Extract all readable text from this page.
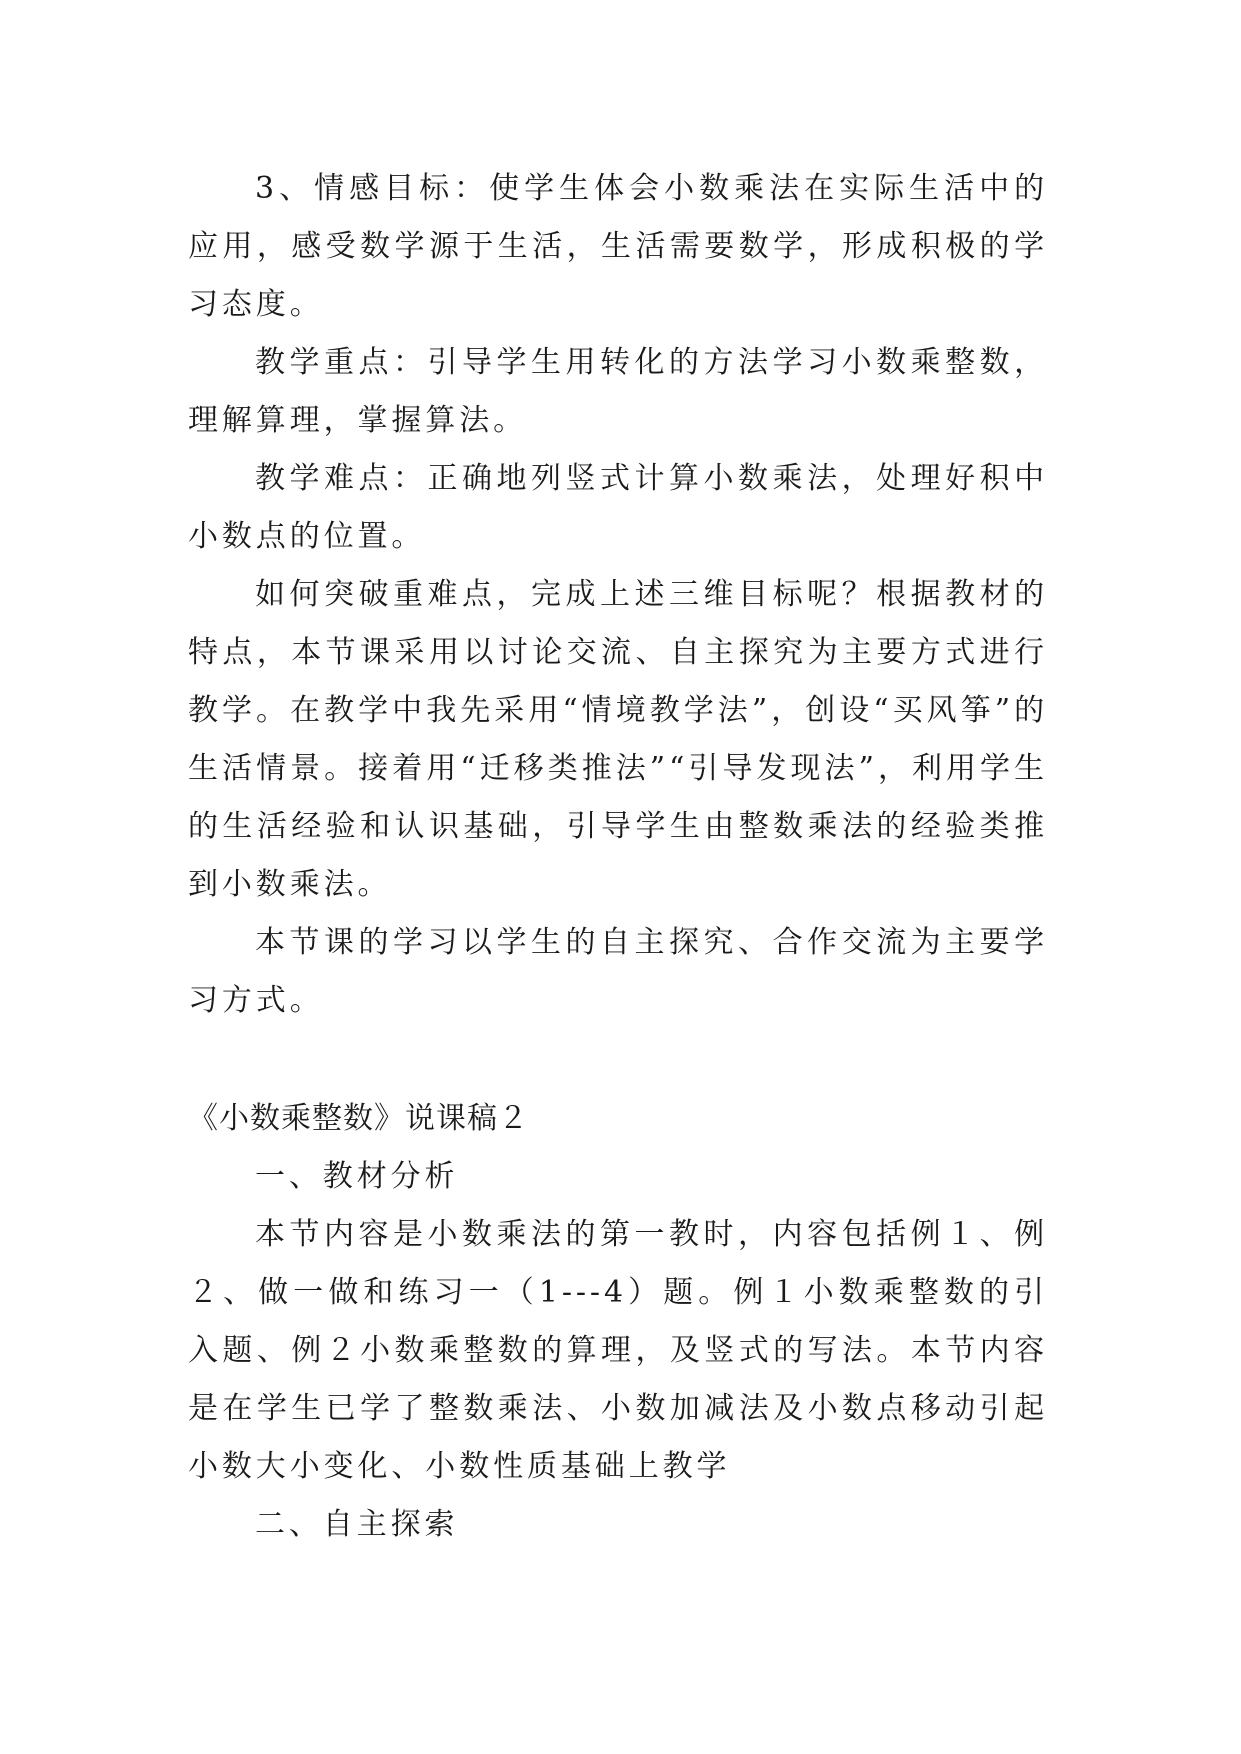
3、情感目标：使学生体会小数乘法在实际生活中的应用，感受数学源于生活，生活需要数学，形成积极的学习态度。

教学重点：引导学生用转化的方法学习小数乘整数，理解算理，掌握算法。

教学难点：正确地列竖式计算小数乘法，处理好积中小数点的位置。

如何突破重难点，完成上述三维目标呢？根据教材的特点，本节课采用以讨论交流、自主探究为主要方式进行教学。在教学中我先采用“情境教学法”，创设“买风筝”的生活情景。接着用“迁移类推法”“引导发现法”，利用学生的生活经验和认识基础，引导学生由整数乘法的经验类推到小数乘法。

本节课的学习以学生的自主探究、合作交流为主要学习方式。

《小数乘整数》说课稿２

一、教材分析

本节内容是小数乘法的第一教时，内容包括例１、例２、做一做和练习一（1---4）题。例１小数乘整数的引入题、例２小数乘整数的算理，及竖式的写法。本节内容是在学生已学了整数乘法、小数加减法及小数点移动引起小数大小变化、小数性质基础上教学

二、自主探索
